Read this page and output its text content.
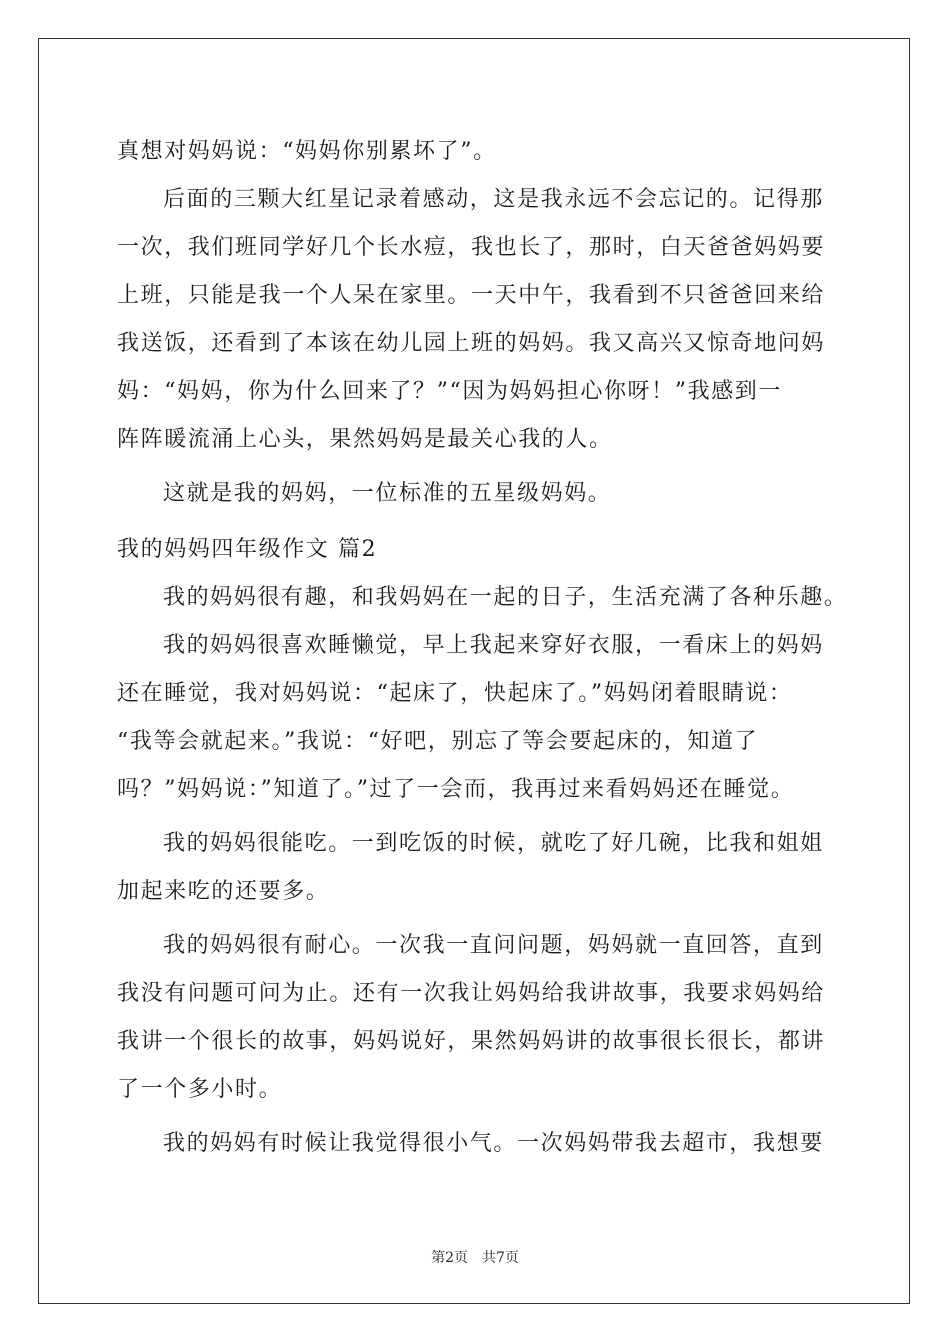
真想对妈妈说：“妈妈你别累坏了”。
后面的三颗大红星记录着感动，这是我永远不会忘记的。记得那
一次，我们班同学好几个长水痘，我也长了，那时，白天爸爸妈妈要
上班，只能是我一个人呆在家里。一天中午，我看到不只爸爸回来给
我送饭，还看到了本该在幼儿园上班的妈妈。我又高兴又惊奇地问妈
妈：“妈妈，你为什么回来了？”“因为妈妈担心你呀！”我感到一
阵阵暖流涌上心头，果然妈妈是最关心我的人。
这就是我的妈妈，一位标准的五星级妈妈。
我的妈妈四年级作文 篇2
我的妈妈很有趣，和我妈妈在一起的日子，生活充满了各种乐趣。
我的妈妈很喜欢睡懒觉，早上我起来穿好衣服，一看床上的妈妈
还在睡觉，我对妈妈说：“起床了，快起床了。”妈妈闭着眼睛说：
“我等会就起来。”我说：“好吧，别忘了等会要起床的，知道了
吗？”妈妈说：”知道了。”过了一会而，我再过来看妈妈还在睡觉。
我的妈妈很能吃。一到吃饭的时候，就吃了好几碗，比我和姐姐
加起来吃的还要多。
我的妈妈很有耐心。一次我一直问问题，妈妈就一直回答，直到
我没有问题可问为止。还有一次我让妈妈给我讲故事，我要求妈妈给
我讲一个很长的故事，妈妈说好，果然妈妈讲的故事很长很长，都讲
了一个多小时。
我的妈妈有时候让我觉得很小气。一次妈妈带我去超市，我想要
第2页　共7页
